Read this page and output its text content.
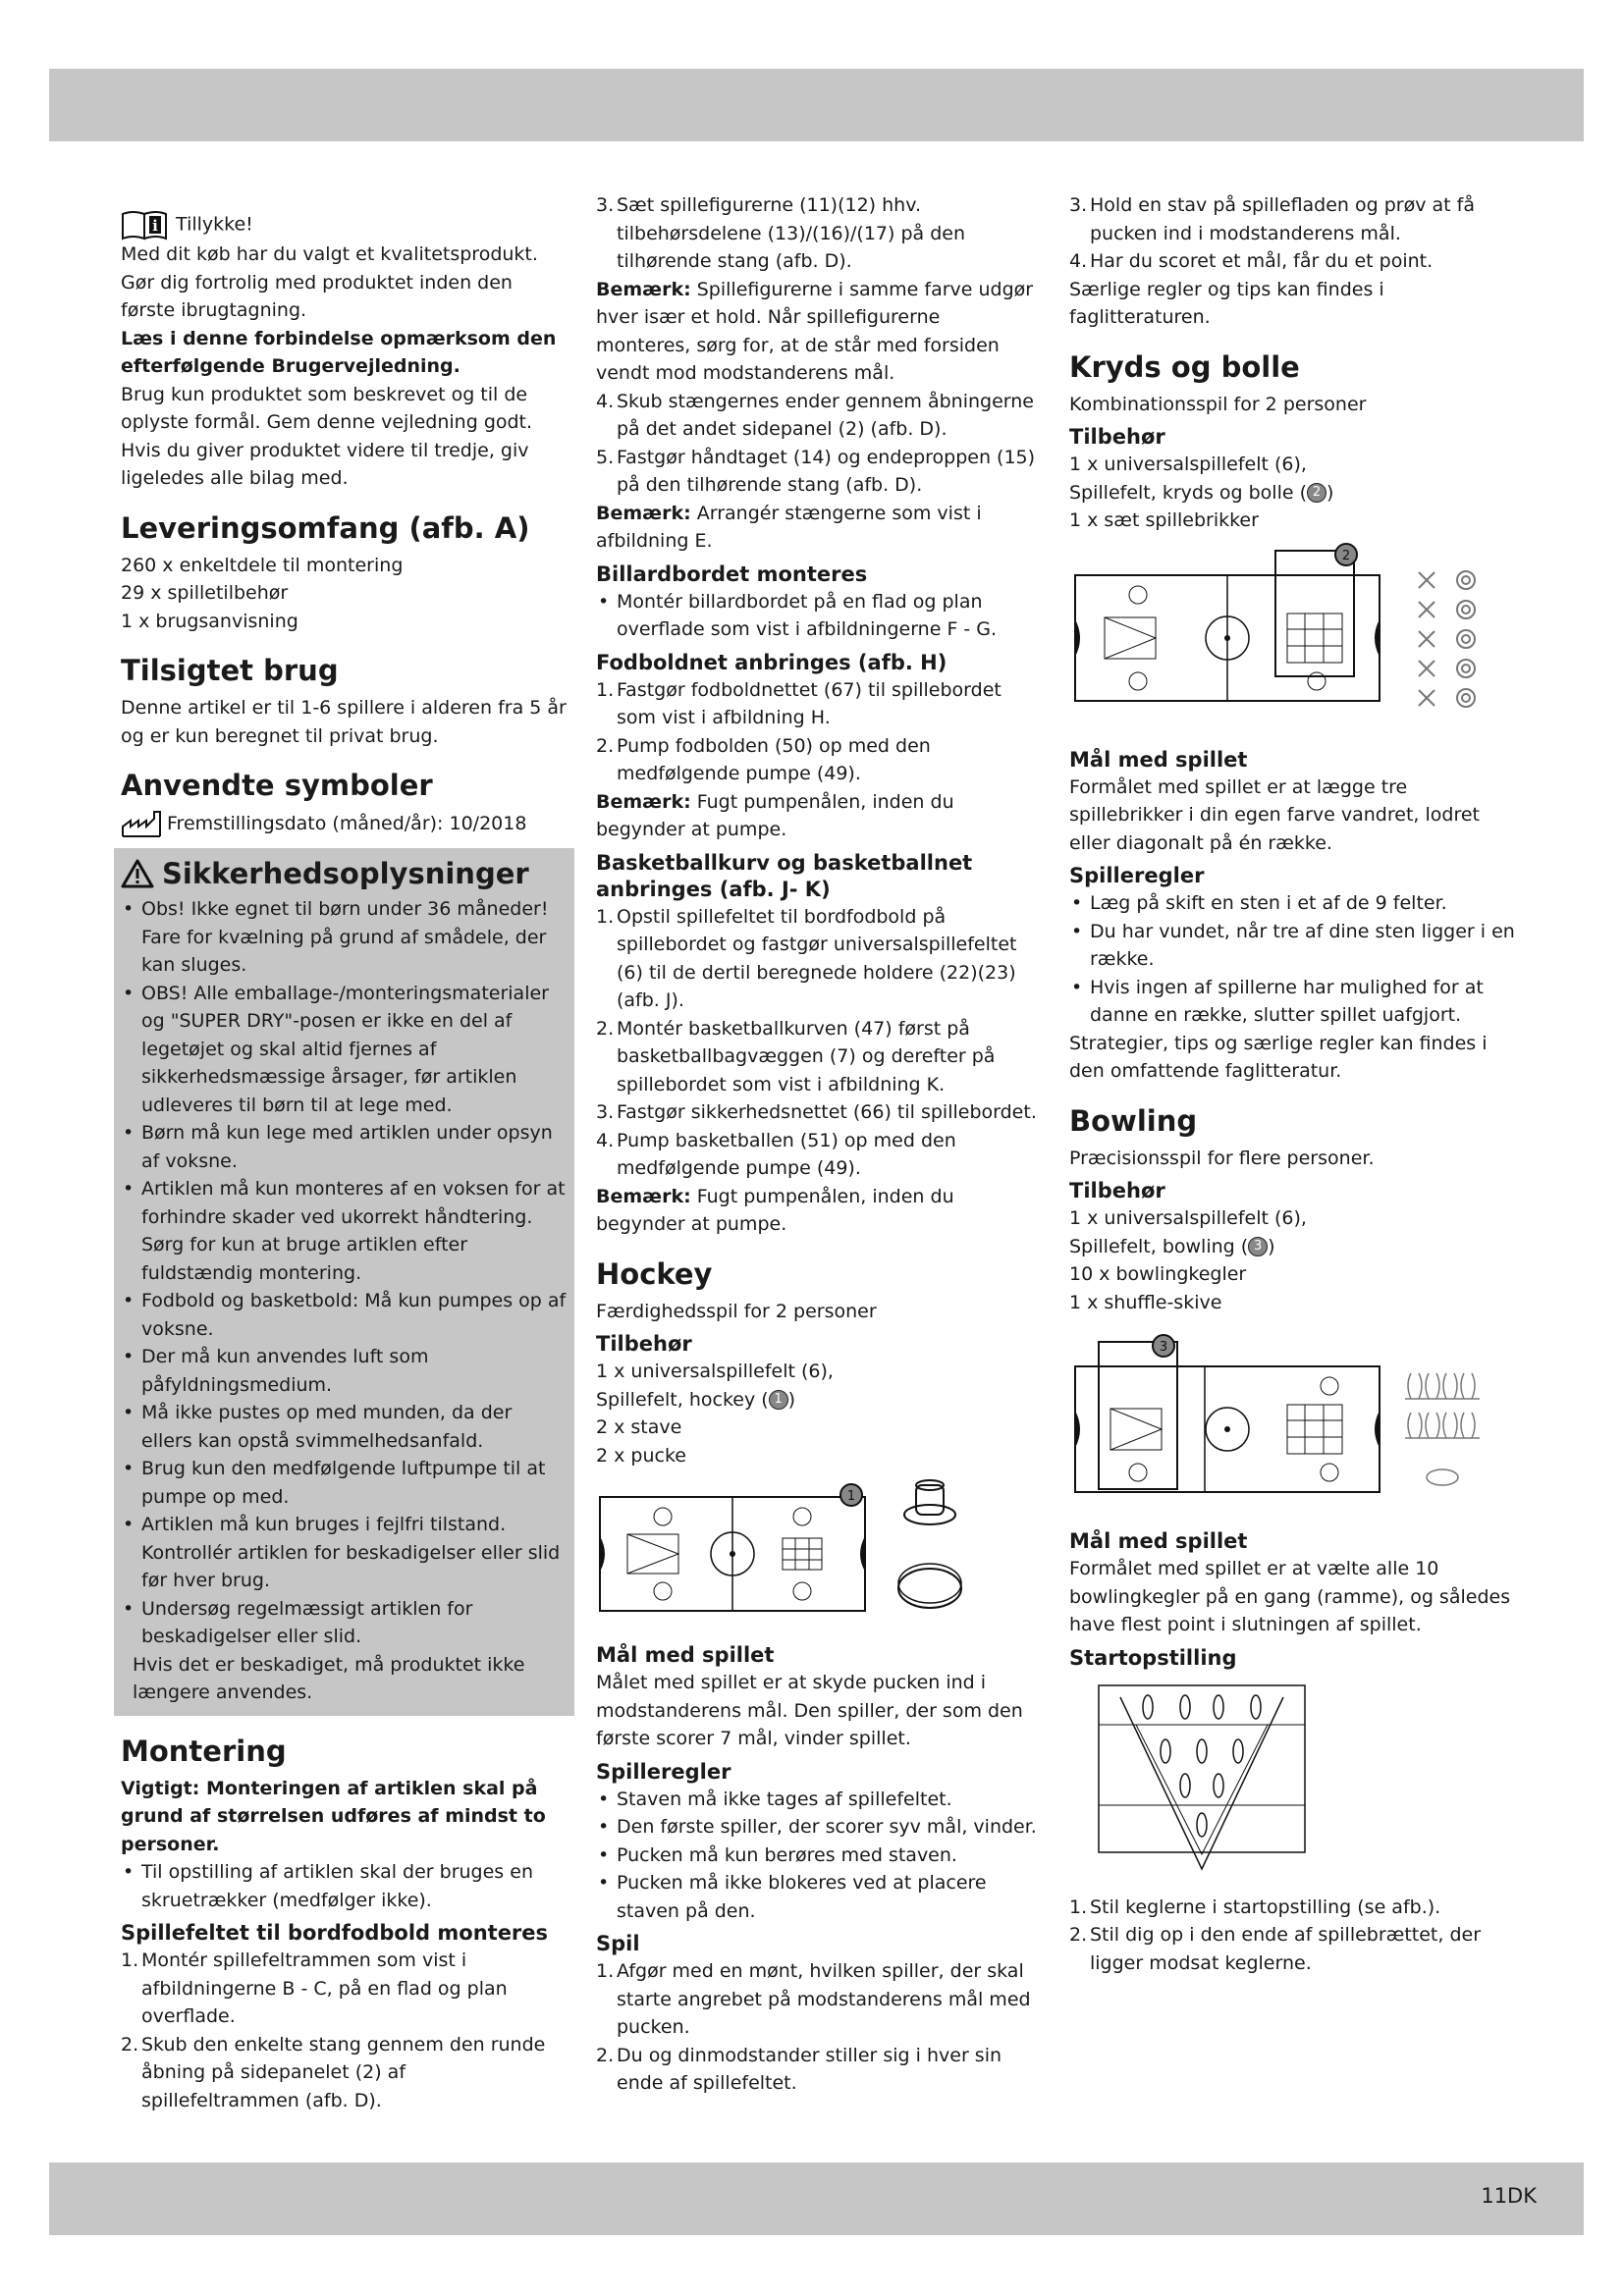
i Tillykke!

Med dit køb har du valgt et kvalitetsprodukt. Gør dig fortrolig med produktet inden den første ibrugtagning.

Læs i denne forbindelse opmærksom den efterfølgende Brugervejledning.

Brug kun produktet som beskrevet og til de oplyste formål. Gem denne vejledning godt. Hvis du giver produktet videre til tredje, giv ligeledes alle bilag med.

Leveringsomfang (afb. A)

260 x enkeltdele til montering

29 x spilletilbehør

1 x brugsanvisning

Tilsigtet brug

Denne artikel er til 1-6 spillere i alderen fra 5 år og er kun beregnet til privat brug.

Anvendte symboler

Fremstillingsdato (måned/år): 10/2018

Sikkerhedsoplysninger
• Obs! Ikke egnet til børn under 36 måneder! Fare for kvælning på grund af smådele, der kan sluges.
• OBS! Alle emballage-/monteringsmaterialer og "SUPER DRY"-posen er ikke en del af legetøjet og skal altid fjernes af sikkerhedsmæssige årsager, før artiklen udleveres til børn til at lege med.
• Børn må kun lege med artiklen under opsyn af voksne.
• Artiklen må kun monteres af en voksen for at forhindre skader ved ukorrekt håndtering. Sørg for kun at bruge artiklen efter fuldstændig montering.
• Fodbold og basketbold: Må kun pumpes op af voksne.
• Der må kun anvendes luft som påfyldningsmedium.
• Må ikke pustes op med munden, da der ellers kan opstå svimmelhedsanfald.
• Brug kun den medfølgende luftpumpe til at pumpe op med.
• Artiklen må kun bruges i fejlfri tilstand. Kontrollér artiklen for beskadigelser eller slid før hver brug.
• Undersøg regelmæssigt artiklen for beskadigelser eller slid.

Hvis det er beskadiget, må produktet ikke længere anvendes.

Montering

Vigtigt: Monteringen af artiklen skal på grund af størrelsen udføres af mindst to personer.

• Til opstilling af artiklen skal der bruges en skruetrækker (medfølger ikke).
Spillefeltet til bordfodbold monteres
1. Montér spillefeltrammen som vist i afbildningerne B - C, på en flad og plan overflade.
2. Skub den enkelte stang gennem den runde åbning på sidepanelet (2) af spillefeltrammen (afb. D).
3. Sæt spillefigurerne (11)(12) hhv. tilbehørsdelene (13)/(16)/(17) på den tilhørende stang (afb. D).

Bemærk: Spillefigurerne i samme farve udgør hver især et hold. Når spillefigurerne monteres, sørg for, at de står med forsiden vendt mod modstanderens mål.

4. Skub stængernes ender gennem åbningerne på det andet sidepanel (2) (afb. D).
5. Fastgør håndtaget (14) og endeproppen (15) på den tilhørende stang (afb. D).

Bemærk: Arrangér stængerne som vist i afbildning E.

Billardbordet monteres
• Montér billardbordet på en flad og plan overflade som vist i afbildningerne F - G.
Fodboldnet anbringes (afb. H)
1. Fastgør fodboldnettet (67) til spillebordet som vist i afbildning H.
2. Pump fodbolden (50) op med den medfølgende pumpe (49).

Bemærk: Fugt pumpenålen, inden du begynder at pumpe.

Basketballkurv og basketballnet anbringes (afb. J- K)
1. Opstil spillefeltet til bordfodbold på spillebordet og fastgør universalspillefeltet (6) til de dertil beregnede holdere (22)(23) (afb. J).
2. Montér basketballkurven (47) først på basketballbagvæggen (7) og derefter på spillebordet som vist i afbildning K.
3. Fastgør sikkerhedsnettet (66) til spillebordet.
4. Pump basketballen (51) op med den medfølgende pumpe (49).

Bemærk: Fugt pumpenålen, inden du begynder at pumpe.

Hockey

Færdighedsspil for 2 personer

Tilbehør

1 x universalspillefelt (6),

Spillefelt, hockey ( 1 )

2 x stave

2 x pucke

1
Mål med spillet

Målet med spillet er at skyde pucken ind i modstanderens mål. Den spiller, der som den første scorer 7 mål, vinder spillet.

Spilleregler
• Staven må ikke tages af spillefeltet.
• Den første spiller, der scorer syv mål, vinder.
• Pucken må kun berøres med staven.
• Pucken må ikke blokeres ved at placere staven på den.
Spil
1. Afgør med en mønt, hvilken spiller, der skal starte angrebet på modstanderens mål med pucken.
2. Du og dinmodstander stiller sig i hver sin ende af spillefeltet.
3. Hold en stav på spillefladen og prøv at få pucken ind i modstanderens mål.
4. Har du scoret et mål, får du et point.

Særlige regler og tips kan findes i faglitteraturen.

Kryds og bolle

Kombinationsspil for 2 personer

Tilbehør

1 x universalspillefelt (6),

Spillefelt, kryds og bolle ( 2 )

1 x sæt spillebrikker

2
Mål med spillet

Formålet med spillet er at lægge tre spillebrikker i din egen farve vandret, lodret eller diagonalt på én række.

Spilleregler
• Læg på skift en sten i et af de 9 felter.
• Du har vundet, når tre af dine sten ligger i en række.
• Hvis ingen af spillerne har mulighed for at danne en række, slutter spillet uafgjort.

Strategier, tips og særlige regler kan findes i den omfattende faglitteratur.

Bowling

Præcisionsspil for flere personer.

Tilbehør

1 x universalspillefelt (6),

Spillefelt, bowling ( 3 )

10 x bowlingkegler

1 x shuffle-skive

3
Mål med spillet

Formålet med spillet er at vælte alle 10 bowlingkegler på en gang (ramme), og således have flest point i slutningen af spillet.

Startopstilling
1. Stil keglerne i startopstilling (se afb.).
2. Stil dig op i den ende af spillebrættet, der ligger modsat keglerne.
11DK
